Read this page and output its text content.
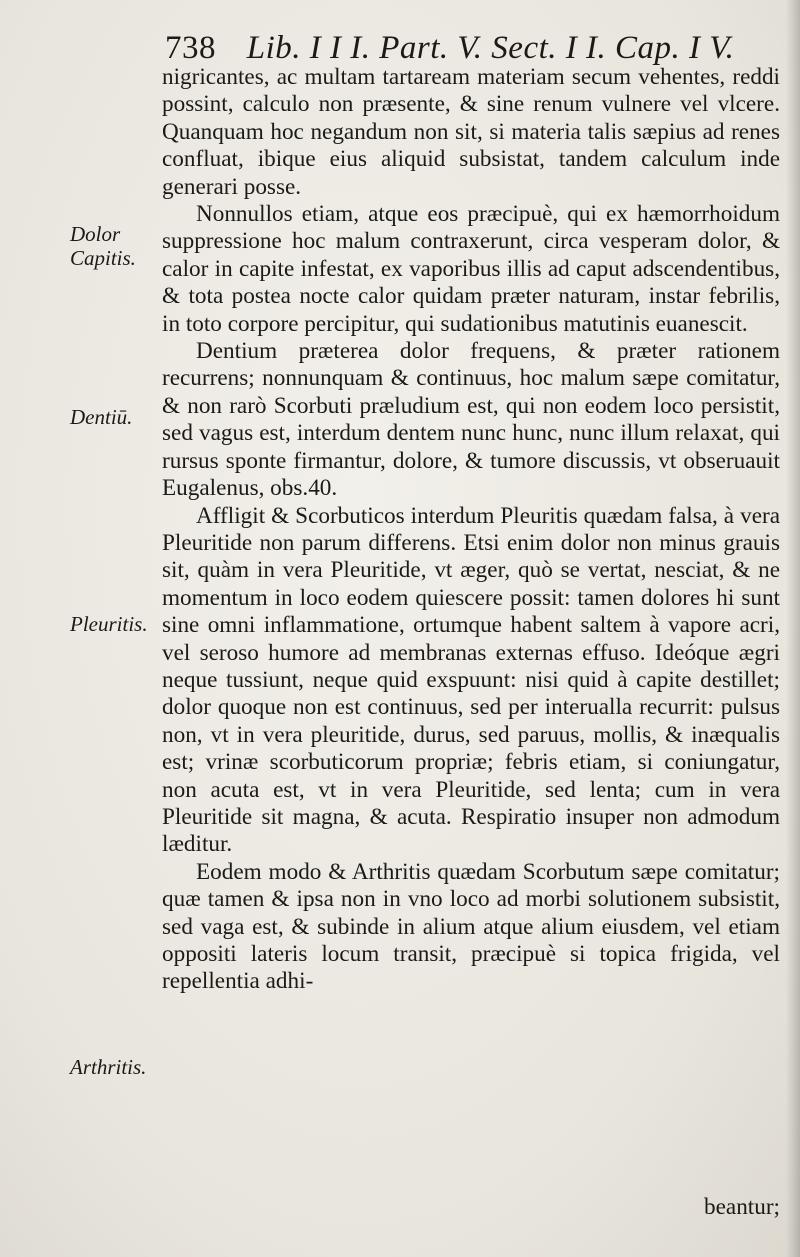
738 Lib. I I I. Part. V. Sect. I I. Cap. I V.
Dolor Capitis.
Dentiū.
Pleuritis.
Arthritis.

nigricantes, ac multam tartaream materiam secum vehentes, reddi possint, calculo non præsente, & sine renum vulnere vel vlcere. Quanquam hoc negandum non sit, si materia talis sæpius ad renes confluat, ibique eius aliquid subsistat, tandem calculum inde generari posse.

Nonnullos etiam, atque eos præcipuè, qui ex hæmorrhoidum suppressione hoc malum contraxerunt, circa vesperam dolor, & calor in capite infestat, ex vaporibus illis ad caput adscendentibus, & tota postea nocte calor quidam præter naturam, instar febrilis, in toto corpore percipitur, qui sudationibus matutinis euanescit.

Dentium præterea dolor frequens, & præter rationem recurrens; nonnunquam & continuus, hoc malum sæpe comitatur, & non rarò Scorbuti præludium est, qui non eodem loco persistit, sed vagus est, interdum dentem nunc hunc, nunc illum relaxat, qui rursus sponte firmantur, dolore, & tumore discussis, vt obseruauit Eugalenus, obs.40.

Affligit & Scorbuticos interdum Pleuritis quædam falsa, à vera Pleuritide non parum differens. Etsi enim dolor non minus grauis sit, quàm in vera Pleuritide, vt æger, quò se vertat, nesciat, & ne momentum in loco eodem quiescere possit: tamen dolores hi sunt sine omni inflammatione, ortumque habent saltem à vapore acri, vel seroso humore ad membranas externas effuso. Ideóque ægri neque tussiunt, neque quid exspuunt: nisi quid à capite destillet; dolor quoque non est continuus, sed per interualla recurrit: pulsus non, vt in vera pleuritide, durus, sed paruus, mollis, & inæqualis est; vrinæ scorbuticorum propriæ; febris etiam, si coniungatur, non acuta est, vt in vera Pleuritide, sed lenta; cum in vera Pleuritide sit magna, & acuta. Respiratio insuper non admodum læditur.

Eodem modo & Arthritis quædam Scorbutum sæpe comitatur; quæ tamen & ipsa non in vno loco ad morbi solutionem subsistit, sed vaga est, & subinde in alium atque alium eiusdem, vel etiam oppositi lateris locum transit, præcipuè si topica frigida, vel repellentia adhi-

beantur;
